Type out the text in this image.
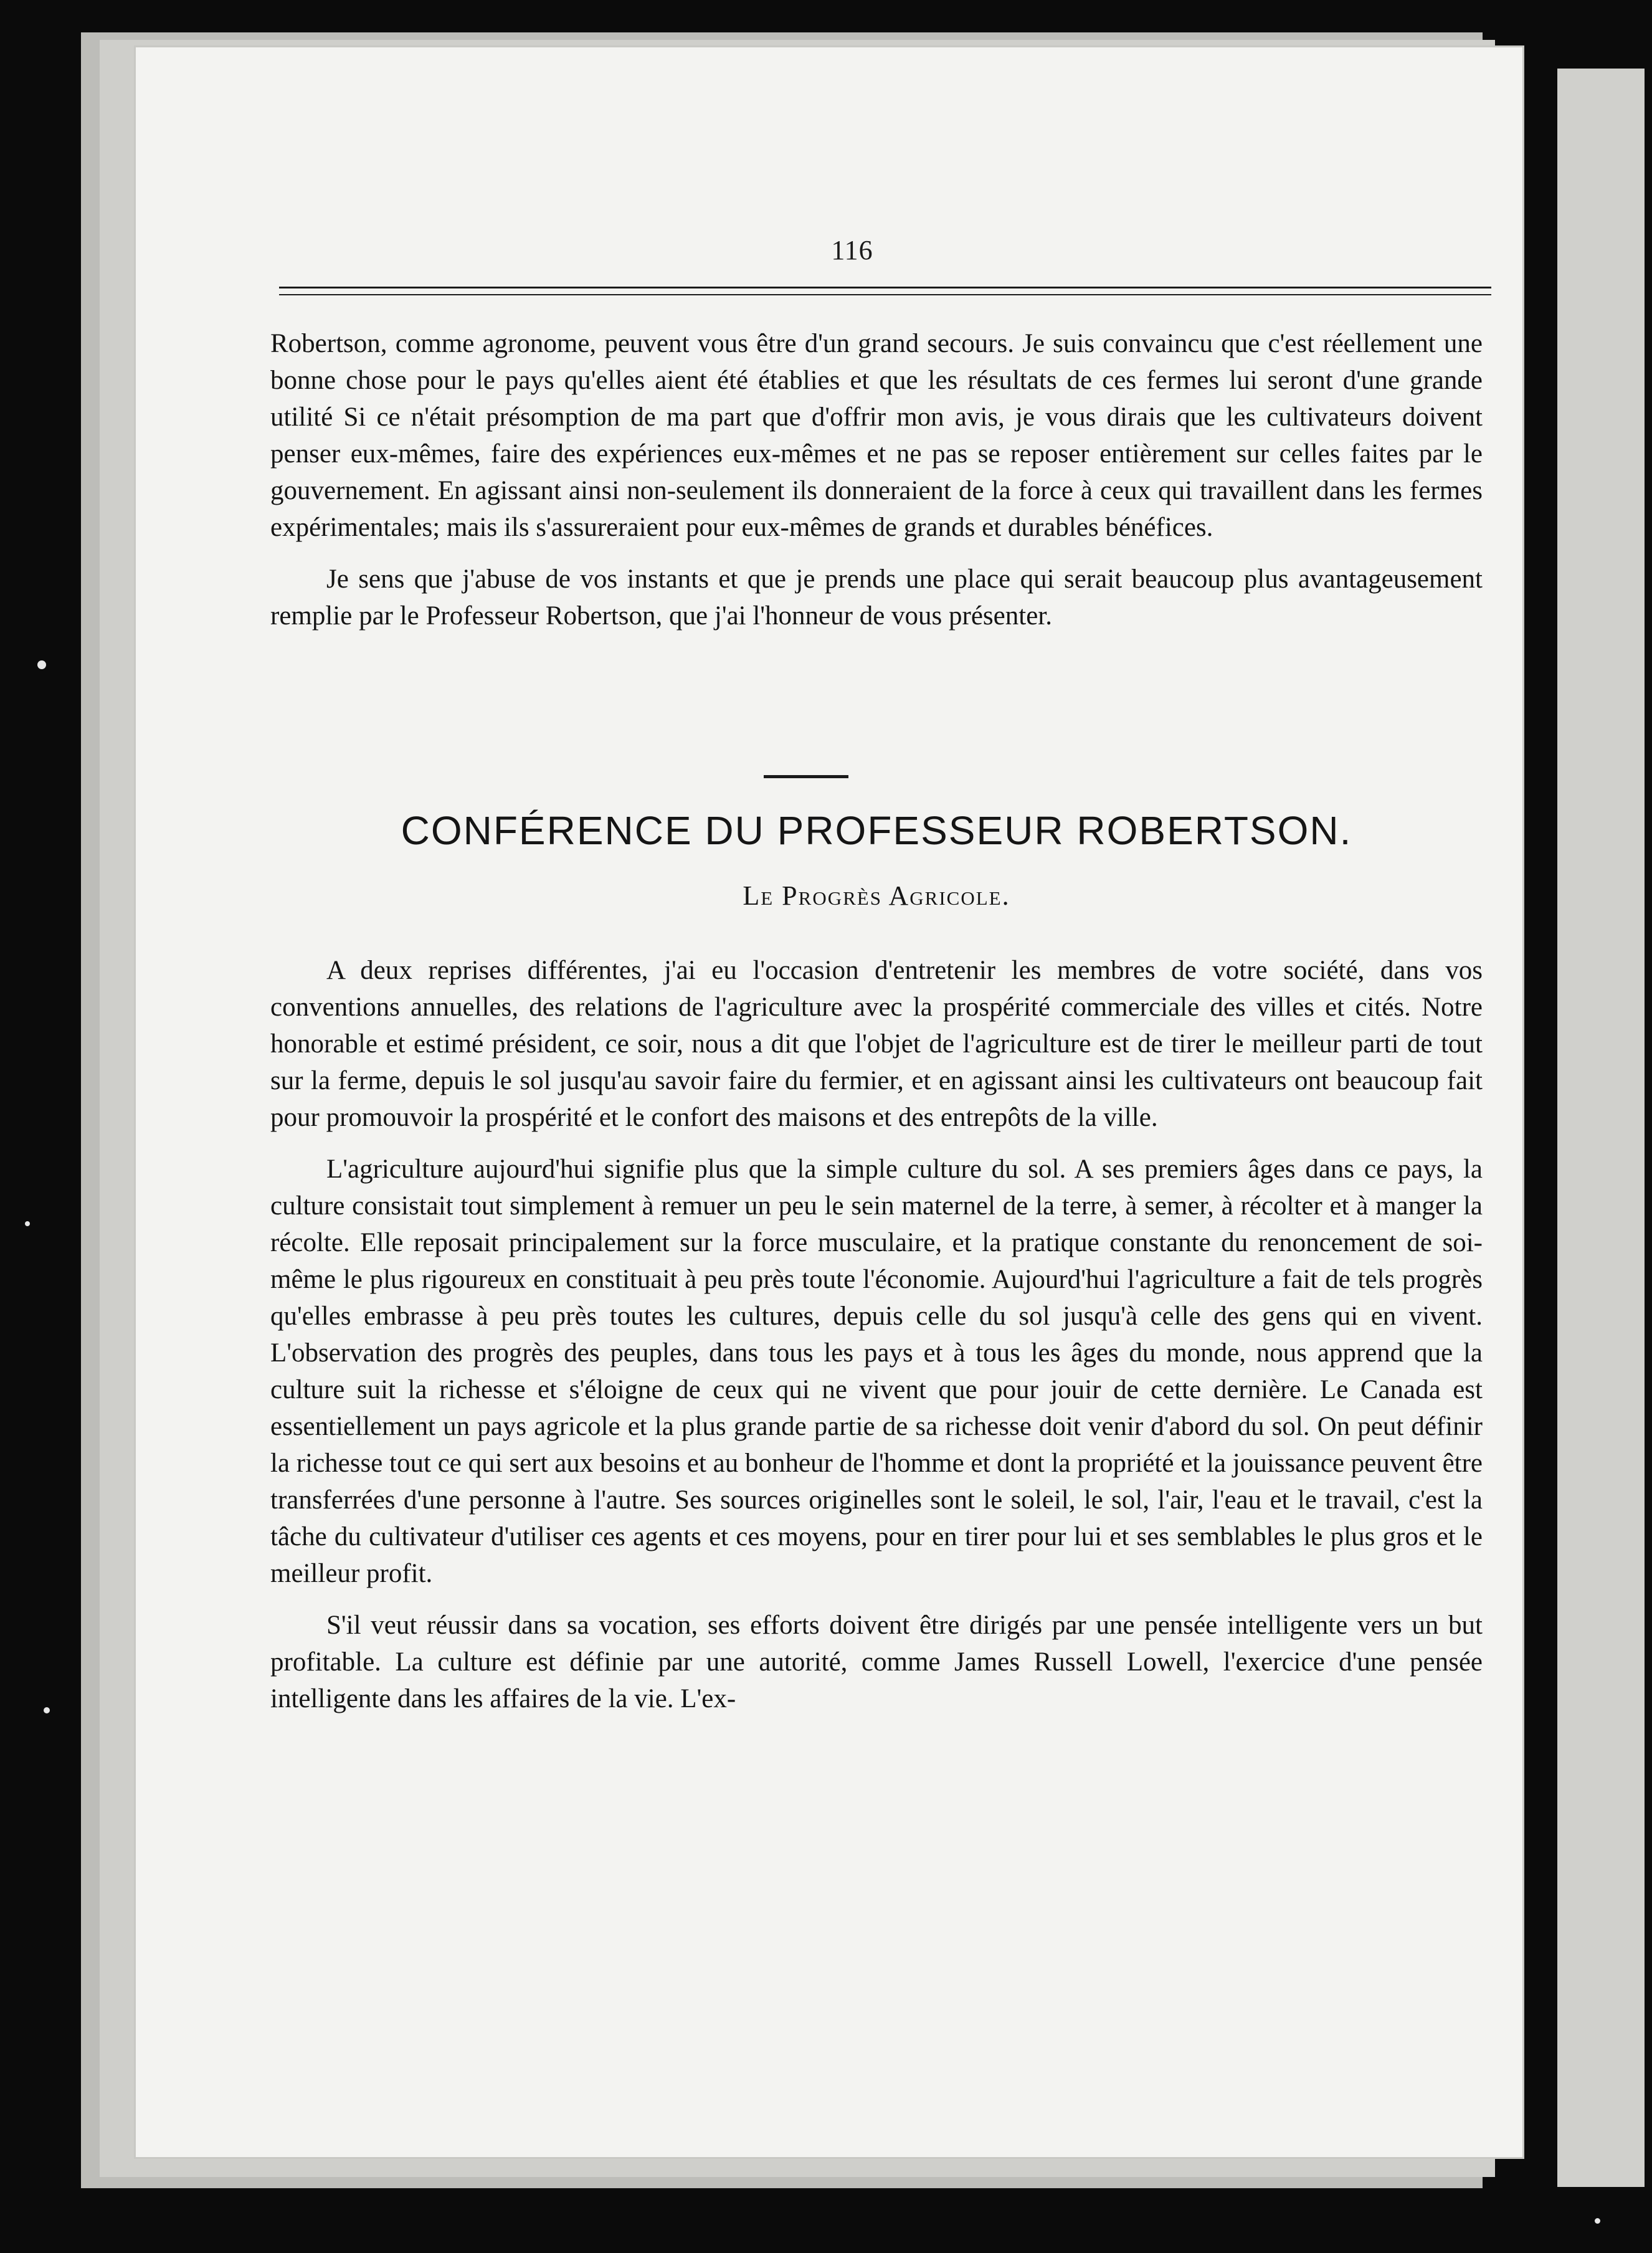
116

Robertson, comme agronome, peuvent vous être d'un grand secours. Je suis convaincu que c'est réellement une bonne chose pour le pays qu'elles aient été établies et que les résultats de ces fermes lui seront d'une grande utilité Si ce n'était présomption de ma part que d'offrir mon avis, je vous dirais que les cultivateurs doivent penser eux-mêmes, faire des expériences eux-mêmes et ne pas se reposer entièrement sur celles faites par le gouvernement. En agissant ainsi non-seulement ils donneraient de la force à ceux qui travaillent dans les fermes expérimentales; mais ils s'assureraient pour eux-mêmes de grands et durables bénéfices.

Je sens que j'abuse de vos instants et que je prends une place qui serait beaucoup plus avantageusement remplie par le Professeur Robertson, que j'ai l'honneur de vous présenter.

CONFÉRENCE DU PROFESSEUR ROBERTSON.
Le Progrès Agricole.

A deux reprises différentes, j'ai eu l'occasion d'entretenir les membres de votre société, dans vos conventions annuelles, des relations de l'agriculture avec la prospérité commerciale des villes et cités. Notre honorable et estimé président, ce soir, nous a dit que l'objet de l'agriculture est de tirer le meilleur parti de tout sur la ferme, depuis le sol jusqu'au savoir faire du fermier, et en agissant ainsi les cultivateurs ont beaucoup fait pour promouvoir la prospérité et le confort des maisons et des entrepôts de la ville.

L'agriculture aujourd'hui signifie plus que la simple culture du sol. A ses premiers âges dans ce pays, la culture consistait tout simplement à remuer un peu le sein maternel de la terre, à semer, à récolter et à manger la récolte. Elle reposait principalement sur la force musculaire, et la pratique constante du renoncement de soi-même le plus rigoureux en constituait à peu près toute l'économie. Aujourd'hui l'agriculture a fait de tels progrès qu'elles embrasse à peu près toutes les cultures, depuis celle du sol jusqu'à celle des gens qui en vivent. L'observation des progrès des peuples, dans tous les pays et à tous les âges du monde, nous apprend que la culture suit la richesse et s'éloigne de ceux qui ne vivent que pour jouir de cette dernière. Le Canada est essentiellement un pays agricole et la plus grande partie de sa richesse doit venir d'abord du sol. On peut définir la richesse tout ce qui sert aux besoins et au bonheur de l'homme et dont la propriété et la jouissance peuvent être transferrées d'une personne à l'autre. Ses sources originelles sont le soleil, le sol, l'air, l'eau et le travail, c'est la tâche du cultivateur d'utiliser ces agents et ces moyens, pour en tirer pour lui et ses semblables le plus gros et le meilleur profit.

S'il veut réussir dans sa vocation, ses efforts doivent être dirigés par une pensée intelligente vers un but profitable. La culture est définie par une autorité, comme James Russell Lowell, l'exercice d'une pensée intelligente dans les affaires de la vie. L'ex-
